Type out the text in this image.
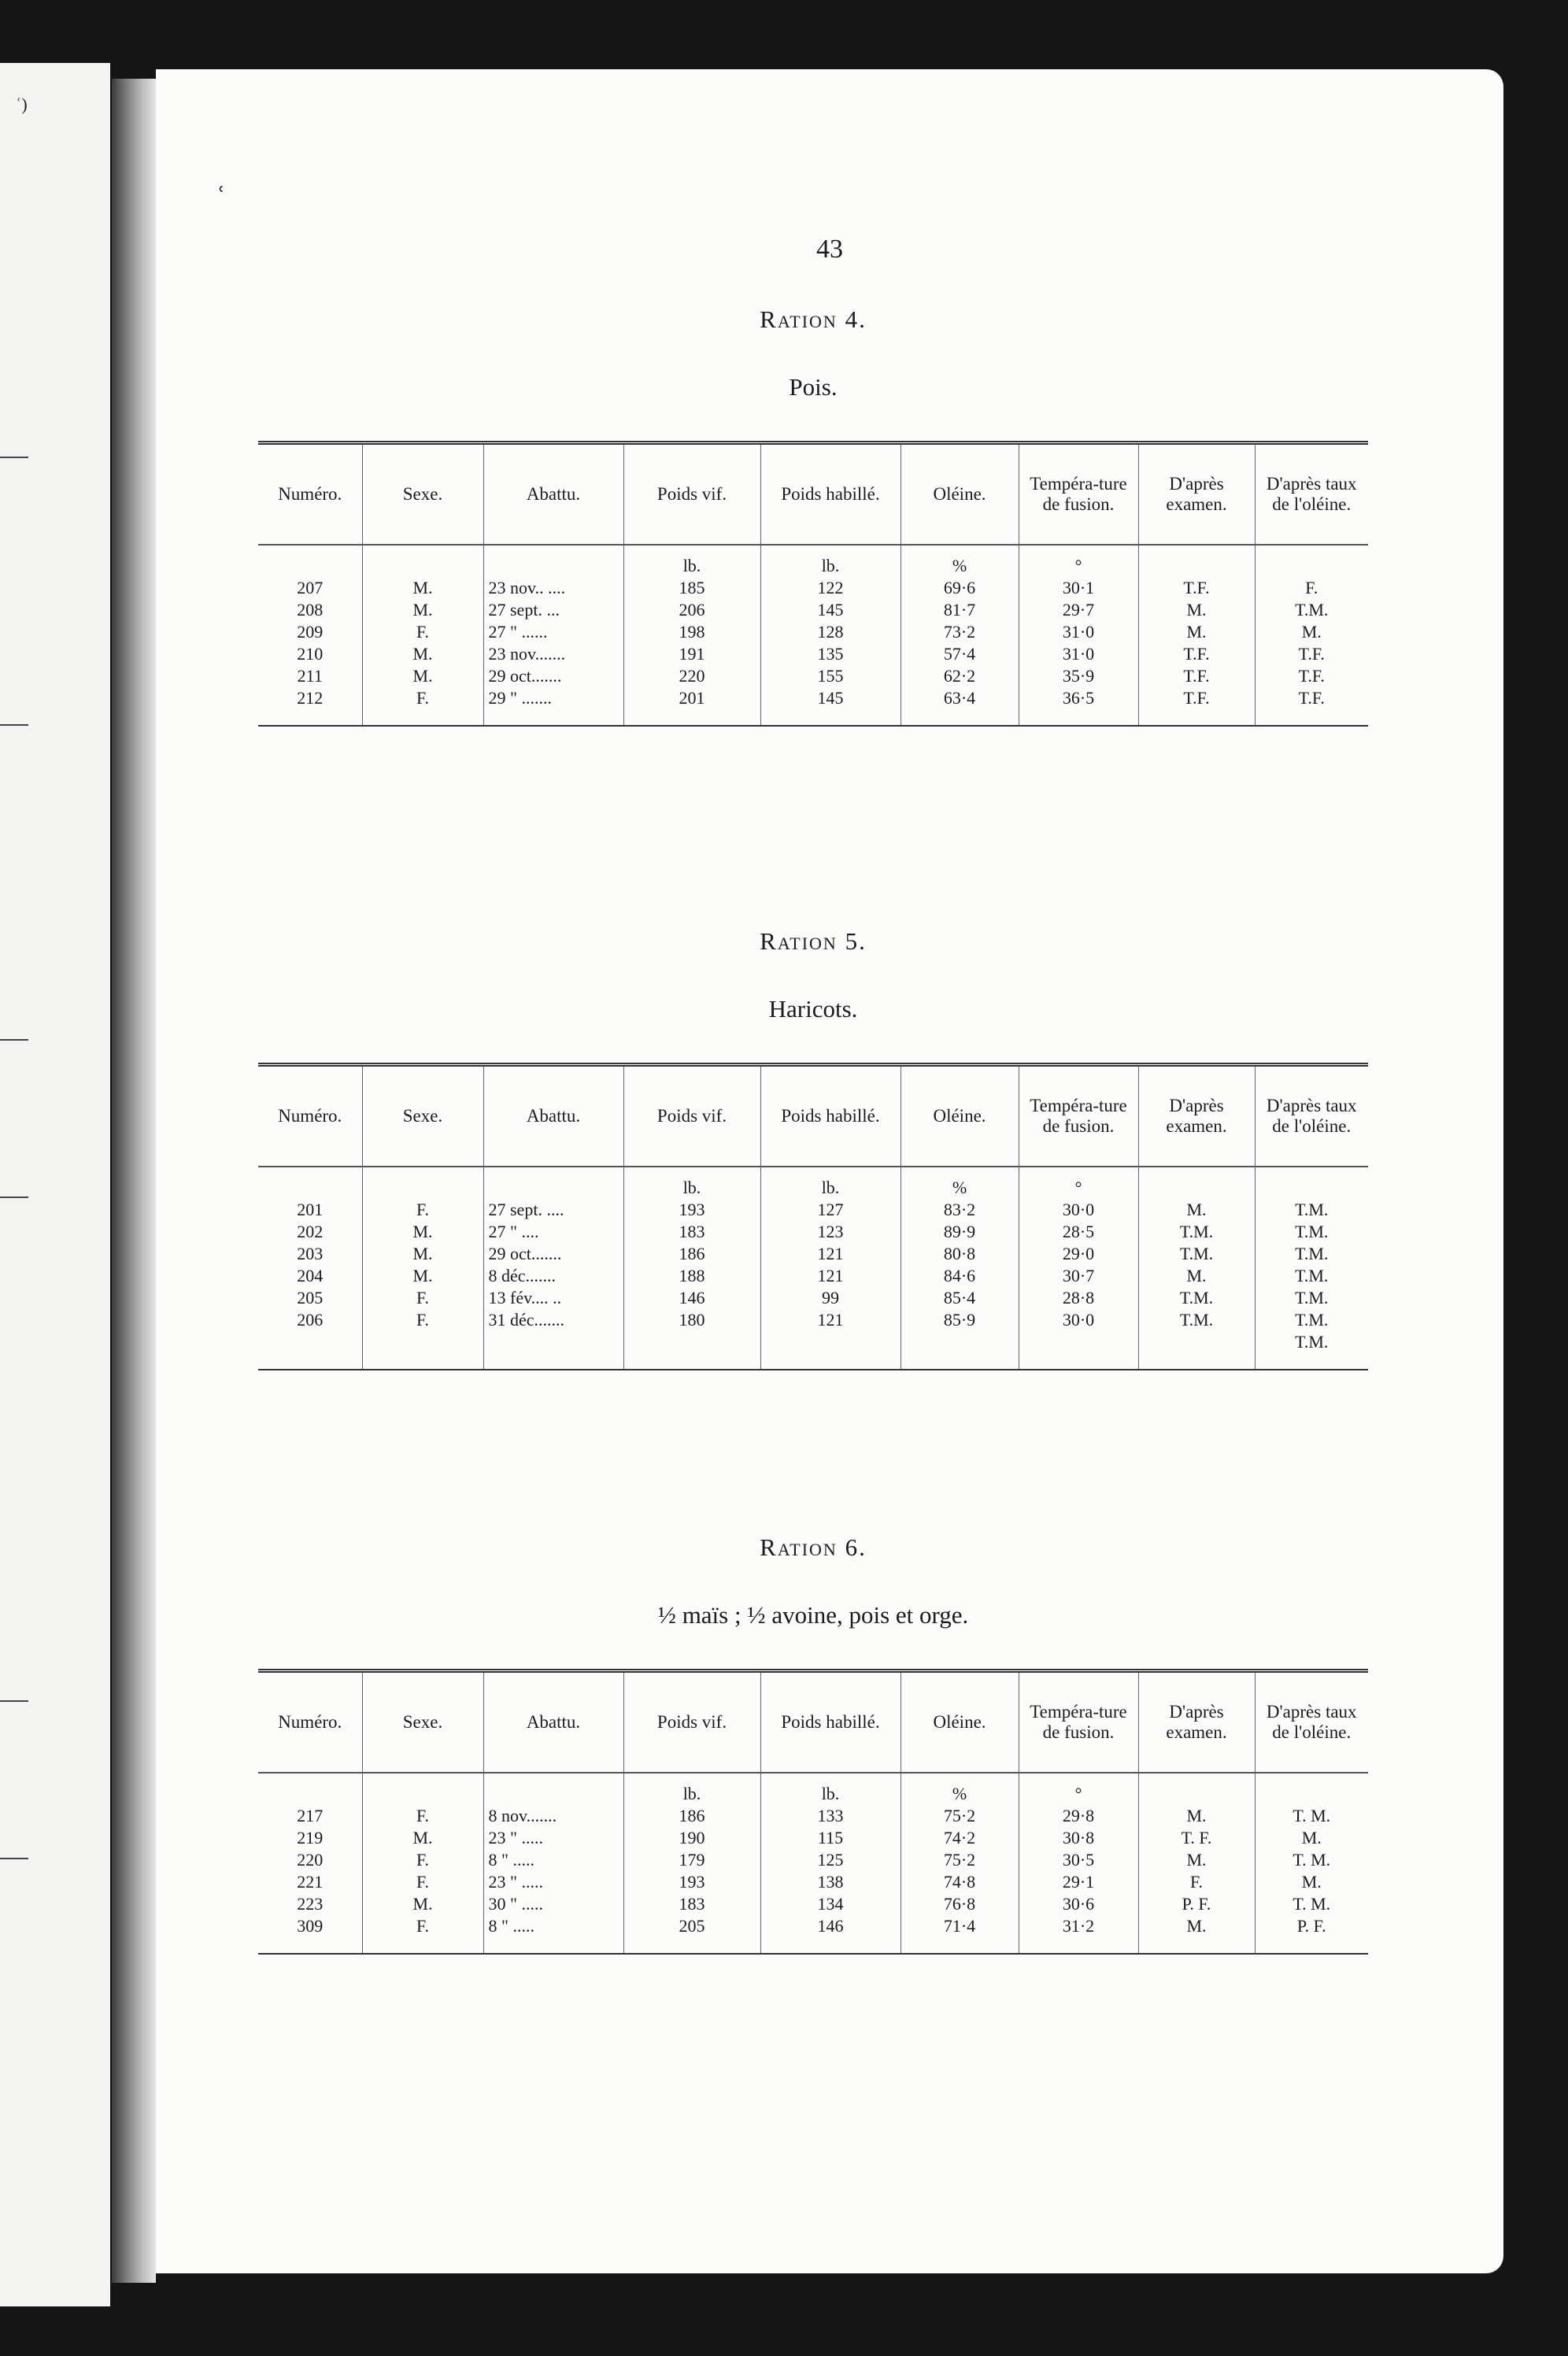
ʿ)
ʿ
43
Ration 4.
Pois.
Numéro.	Sexe.	Abattu.	Poids vif.	Poids habillé.	Oléine.	Tempéra-ture de fusion.	D'après examen.	D'après taux de l'oléine.
			lb.	lb.	%	°		
207	M.	23 nov.. ....	185	122	69·6	30·1	T.F.	F.
208	M.	27 sept. ...	206	145	81·7	29·7	M.	T.M.
209	F.	27 " ......	198	128	73·2	31·0	M.	M.
210	M.	23 nov.......	191	135	57·4	31·0	T.F.	T.F.
211	M.	29 oct.......	220	155	62·2	35·9	T.F.	T.F.
212	F.	29 " .......	201	145	63·4	36·5	T.F.	T.F.
Ration 5.
Haricots.
Numéro.	Sexe.	Abattu.	Poids vif.	Poids habillé.	Oléine.	Tempéra-ture de fusion.	D'après examen.	D'après taux de l'oléine.
			lb.	lb.	%	°		
201	F.	27 sept. ....	193	127	83·2	30·0	M.	T.M.
202	M.	27 " ....	183	123	89·9	28·5	T.M.	T.M.
203	M.	29 oct.......	186	121	80·8	29·0	T.M.	T.M.
204	M.	8 déc.......	188	121	84·6	30·7	M.	T.M.
205	F.	13 fév.... ..	146	99	85·4	28·8	T.M.	T.M.
206	F.	31 déc.......	180	121	85·9	30·0	T.M.	T.M.
								T.M.
Ration 6.
½ maïs ; ½ avoine, pois et orge.
Numéro.	Sexe.	Abattu.	Poids vif.	Poids habillé.	Oléine.	Tempéra-ture de fusion.	D'après examen.	D'après taux de l'oléine.
			lb.	lb.	%	°		
217	F.	8 nov.......	186	133	75·2	29·8	M.	T. M.
219	M.	23 " .....	190	115	74·2	30·8	T. F.	M.
220	F.	8 " .....	179	125	75·2	30·5	M.	T. M.
221	F.	23 " .....	193	138	74·8	29·1	F.	M.
223	M.	30 " .....	183	134	76·8	30·6	P. F.	T. M.
309	F.	8 " .....	205	146	71·4	31·2	M.	P. F.
